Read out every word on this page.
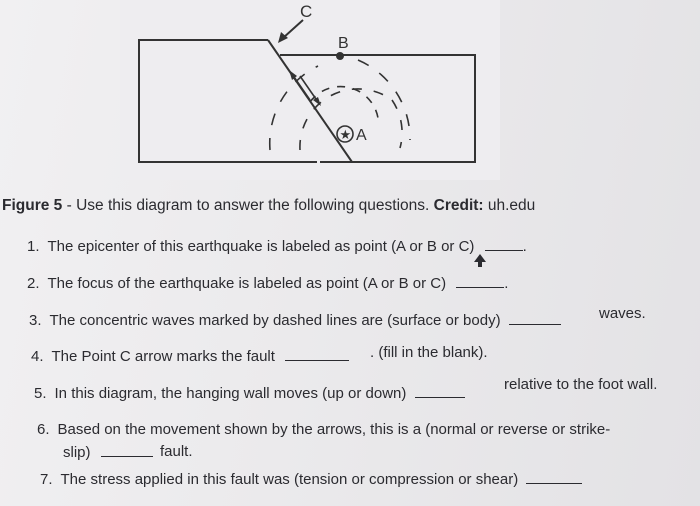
C
B
★ A
Figure 5 - Use this diagram to answer the following questions. Credit: uh.edu
1. The epicenter of this earthquake is labeled as point (A or B or C)	.
2. The focus of the earthquake is labeled as point (A or B or C)	.
3. The concentric waves marked by dashed lines are (surface or body)	waves.
4. The Point C arrow marks the fault	. (fill in the blank).
5. In this diagram, the hanging wall moves (up or down)
relative to the foot wall.
6. Based on the movement shown by the arrows, this is a (normal or reverse or strike-
slip)	fault.
7. The stress applied in this fault was (tension or compression or shear)
